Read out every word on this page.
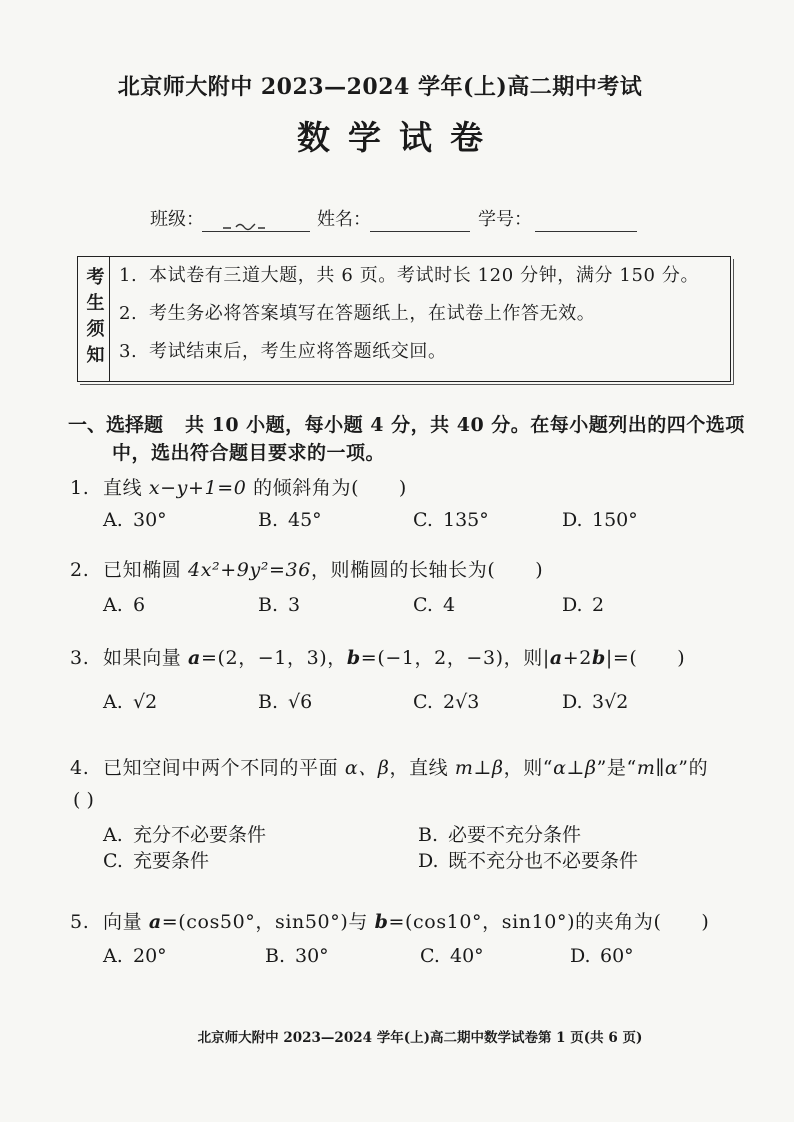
北京师大附中 2023—2024 学年(上)高二期中考试
数学试卷
班级：	姓名：	学号：
考生须知 1. 本试卷有三道大题，共 6 页。考试时长 120 分钟，满分 150 分。
2. 考生务必将答案填写在答题纸上，在试卷上作答无效。
3. 考试结束后，考生应将答题纸交回。
一、选择题 共 10 小题，每小题 4 分，共 40 分。在每小题列出的四个选项
中，选出符合题目要求的一项。
1. 直线 x−y+1=0 的倾斜角为(      )
A. 30°	B. 45°	C. 135°	D. 150°
2. 已知椭圆 4x²+9y²=36，则椭圆的长轴长为(      )
A. 6	B. 3	C. 4	D. 2
3. 如果向量 a=(2，−1，3)，b=(−1，2，−3)，则|a+2b|=(      )
A. √2	B. √6	C. 2√3	D. 3√2
4. 已知空间中两个不同的平面 α、β，直线 m⊥β，则“α⊥β”是“m∥α”的
( )
A. 充分不必要条件	B. 必要不充分条件
C. 充要条件	D. 既不充分也不必要条件
5. 向量 a=(cos50°，sin50°)与 b=(cos10°，sin10°)的夹角为(      )
A. 20°	B. 30°	C. 40°	D. 60°
北京师大附中 2023—2024 学年(上)高二期中数学试卷第 1 页(共 6 页)
